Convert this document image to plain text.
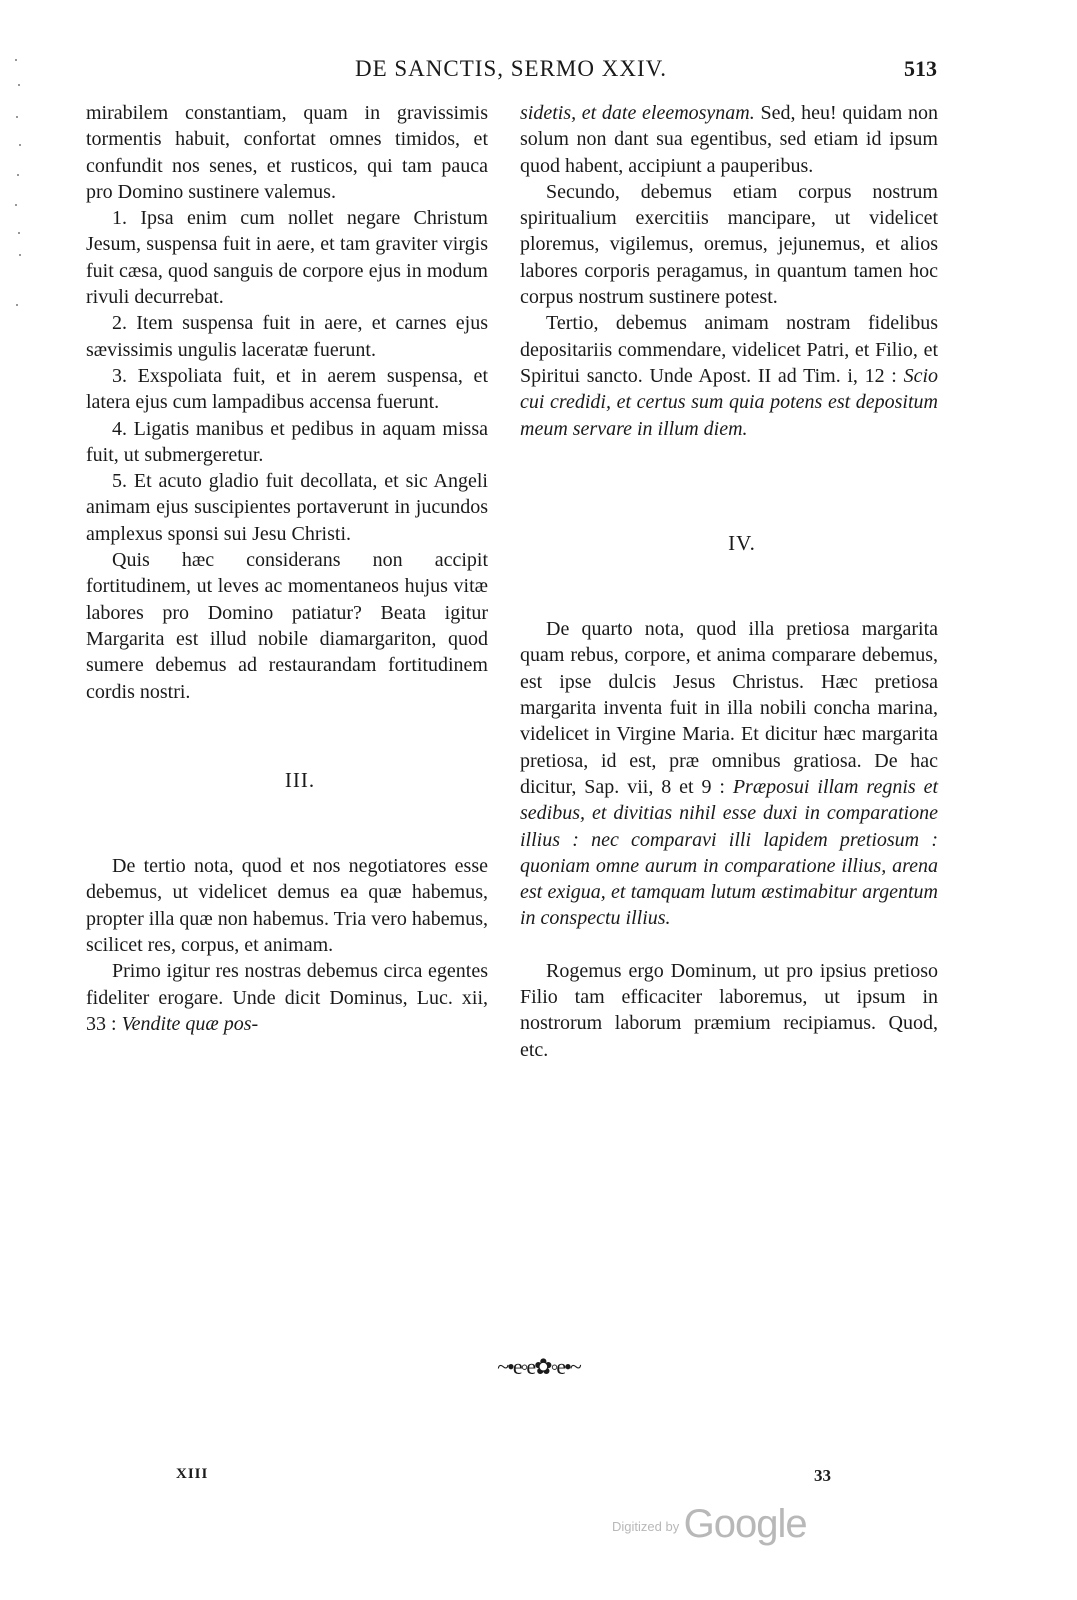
DE SANCTIS, SERMO XXIV.	513

mirabilem constantiam, quam in gravissimis tormentis habuit, confortat omnes timidos, et confundit nos senes, et rusticos, qui tam pauca pro Domino sustinere valemus.

1. Ipsa enim cum nollet negare Christum Jesum, suspensa fuit in aere, et tam graviter virgis fuit cæsa, quod sanguis de corpore ejus in modum rivuli decurrebat.

2. Item suspensa fuit in aere, et carnes ejus sævissimis ungulis laceratæ fuerunt.

3. Exspoliata fuit, et in aerem suspensa, et latera ejus cum lampadibus accensa fuerunt.

4. Ligatis manibus et pedibus in aquam missa fuit, ut submergeretur.

5. Et acuto gladio fuit decollata, et sic Angeli animam ejus suscipientes portaverunt in jucundos amplexus sponsi sui Jesu Christi.

Quis hæc considerans non accipit fortitudinem, ut leves ac momentaneos hujus vitæ labores pro Domino patiatur? Beata igitur Margarita est illud nobile diamargariton, quod sumere debemus ad restaurandam fortitudinem cordis nostri.

III.

De tertio nota, quod et nos negotiatores esse debemus, ut videlicet demus ea quæ habemus, propter illa quæ non habemus. Tria vero habemus, scilicet res, corpus, et animam.

Primo igitur res nostras debemus circa egentes fideliter erogare. Unde dicit Dominus, Luc. xii, 33 : Vendite quæ pos-

sidetis, et date eleemosynam. Sed, heu! quidam non solum non dant sua egentibus, sed etiam id ipsum quod habent, accipiunt a pauperibus.

Secundo, debemus etiam corpus nostrum spiritualium exercitiis mancipare, ut videlicet ploremus, vigilemus, oremus, jejunemus, et alios labores corporis peragamus, in quantum tamen hoc corpus nostrum sustinere potest.

Tertio, debemus animam nostram fidelibus depositariis commendare, videlicet Patri, et Filio, et Spiritui sancto. Unde Apost. II ad Tim. i, 12 : Scio cui credidi, et certus sum quia potens est depositum meum servare in illum diem.

IV.

De quarto nota, quod illa pretiosa margarita quam rebus, corpore, et anima comparare debemus, est ipse dulcis Jesus Christus. Hæc pretiosa margarita inventa fuit in illa nobili concha marina, videlicet in Virgine Maria. Et dicitur hæc margarita pretiosa, id est, præ omnibus gratiosa. De hac dicitur, Sap. vii, 8 et 9 : Præposui illam regnis et sedibus, et divitias nihil esse duxi in comparatione illius : nec comparavi illi lapidem pretiosum : quoniam omne aurum in comparatione illius, arena est exigua, et tamquam lutum æstimabitur argentum in conspectu illius.

Rogemus ergo Dominum, ut pro ipsius pretioso Filio tam efficaciter laboremus, ut ipsum in nostrorum laborum præmium recipiamus. Quod, etc.

~•e◦e✿◦e•~
XIII	33
$^{Digitized by}$ Google
